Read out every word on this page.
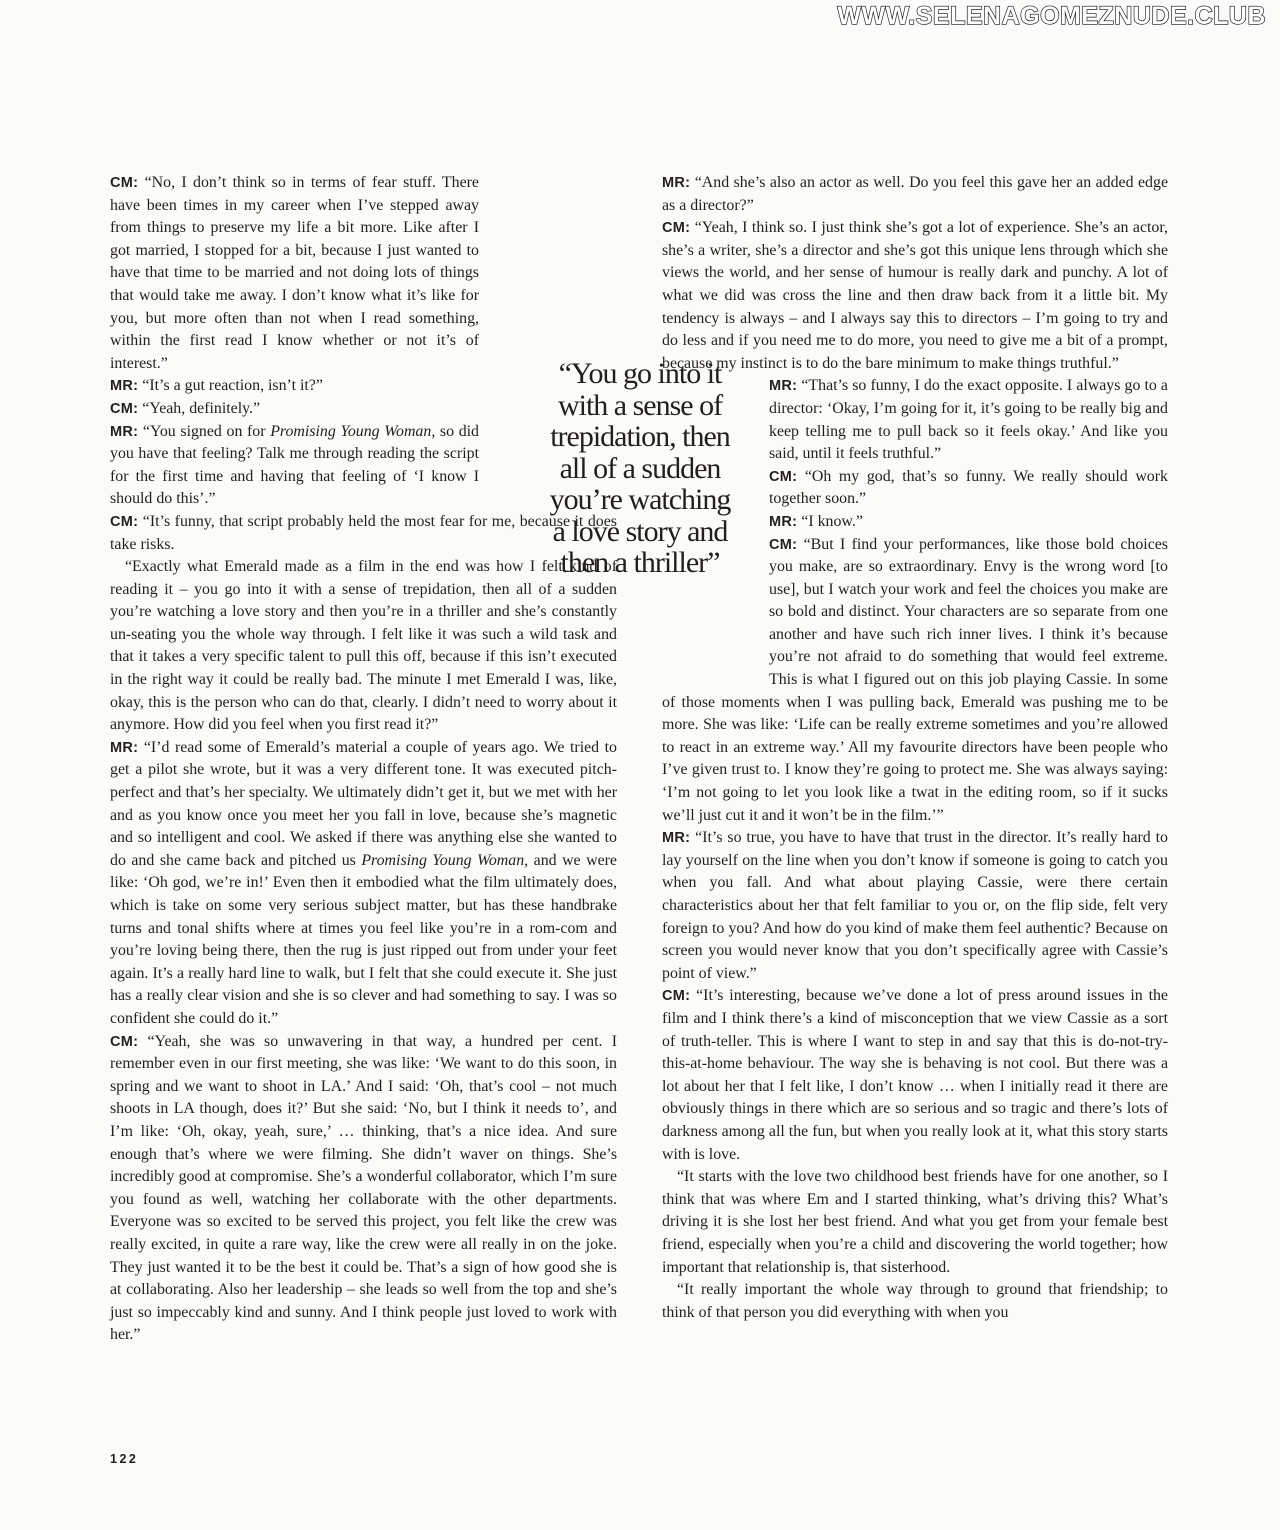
WWW.SELENAGOMEZNUDE.CLUB

CM: “No, I don’t think so in terms of fear stuff. There have been times in my career when I’ve stepped away from things to preserve my life a bit more. Like after I got married, I stopped for a bit, because I just wanted to have that time to be married and not doing lots of things that would take me away. I don’t know what it’s like for you, but more often than not when I read something, within the first read I know whether or not it’s of interest.”

MR: “It’s a gut reaction, isn’t it?”

CM: “Yeah, definitely.”

MR: “You signed on for Promising Young Woman, so did you have that feeling? Talk me through reading the script for the first time and having that feeling of ‘I know I should do this’.”

CM: “It’s funny, that script probably held the most fear for me, because it does take risks.

“Exactly what Emerald made as a film in the end was how I felt kind of reading it – you go into it with a sense of trepidation, then all of a sudden you’re watching a love story and then you’re in a thriller and she’s constantly un-seating you the whole way through. I felt like it was such a wild task and that it takes a very specific talent to pull this off, because if this isn’t executed in the right way it could be really bad. The minute I met Emerald I was, like, okay, this is the person who can do that, clearly. I didn’t need to worry about it anymore. How did you feel when you first read it?”

MR: “I’d read some of Emerald’s material a couple of years ago. We tried to get a pilot she wrote, but it was a very different tone. It was executed pitch-perfect and that’s her specialty. We ultimately didn’t get it, but we met with her and as you know once you meet her you fall in love, because she’s magnetic and so intelligent and cool. We asked if there was anything else she wanted to do and she came back and pitched us Promising Young Woman, and we were like: ‘Oh god, we’re in!’ Even then it embodied what the film ultimately does, which is take on some very serious subject matter, but has these handbrake turns and tonal shifts where at times you feel like you’re in a rom-com and you’re loving being there, then the rug is just ripped out from under your feet again. It’s a really hard line to walk, but I felt that she could execute it. She just has a really clear vision and she is so clever and had something to say. I was so confident she could do it.”

CM: “Yeah, she was so unwavering in that way, a hundred per cent. I remember even in our first meeting, she was like: ‘We want to do this soon, in spring and we want to shoot in LA.’ And I said: ‘Oh, that’s cool – not much shoots in LA though, does it?’ But she said: ‘No, but I think it needs to’, and I’m like: ‘Oh, okay, yeah, sure,’ … thinking, that’s a nice idea. And sure enough that’s where we were filming. She didn’t waver on things. She’s incredibly good at compromise. She’s a wonderful collaborator, which I’m sure you found as well, watching her collaborate with the other departments. Everyone was so excited to be served this project, you felt like the crew was really excited, in quite a rare way, like the crew were all really in on the joke. They just wanted it to be the best it could be. That’s a sign of how good she is at collaborating. Also her leadership – she leads so well from the top and she’s just so impeccably kind and sunny. And I think people just loved to work with her.”

“You go into it with a sense of trepidation, then all of a sudden you’re watching a love story and then a thriller”

MR: “And she’s also an actor as well. Do you feel this gave her an added edge as a director?”

CM: “Yeah, I think so. I just think she’s got a lot of experience. She’s an actor, she’s a writer, she’s a director and she’s got this unique lens through which she views the world, and her sense of humour is really dark and punchy. A lot of what we did was cross the line and then draw back from it a little bit. My tendency is always – and I always say this to directors – I’m going to try and do less and if you need me to do more, you need to give me a bit of a prompt, because my instinct is to do the bare minimum to make things truthful.”

MR: “That’s so funny, I do the exact opposite. I always go to a director: ‘Okay, I’m going for it, it’s going to be really big and keep telling me to pull back so it feels okay.’ And like you said, until it feels truthful.”

CM: “Oh my god, that’s so funny. We really should work together soon.”

MR: “I know.”

CM: “But I find your performances, like those bold choices you make, are so extraordinary. Envy is the wrong word [to use], but I watch your work and feel the choices you make are so bold and distinct. Your characters are so separate from one another and have such rich inner lives. I think it’s because you’re not afraid to do something that would feel extreme. This is what I figured out on this job playing Cassie. In some of those moments when I was pulling back, Emerald was pushing me to be more. She was like: ‘Life can be really extreme sometimes and you’re allowed to react in an extreme way.’ All my favourite directors have been people who I’ve given trust to. I know they’re going to protect me. She was always saying: ‘I’m not going to let you look like a twat in the editing room, so if it sucks we’ll just cut it and it won’t be in the film.’”

MR: “It’s so true, you have to have that trust in the director. It’s really hard to lay yourself on the line when you don’t know if someone is going to catch you when you fall. And what about playing Cassie, were there certain characteristics about her that felt familiar to you or, on the flip side, felt very foreign to you? And how do you kind of make them feel authentic? Because on screen you would never know that you don’t specifically agree with Cassie’s point of view.”

CM: “It’s interesting, because we’ve done a lot of press around issues in the film and I think there’s a kind of misconception that we view Cassie as a sort of truth-teller. This is where I want to step in and say that this is do-not-try-this-at-home behaviour. The way she is behaving is not cool. But there was a lot about her that I felt like, I don’t know … when I initially read it there are obviously things in there which are so serious and so tragic and there’s lots of darkness among all the fun, but when you really look at it, what this story starts with is love.

“It starts with the love two childhood best friends have for one another, so I think that was where Em and I started thinking, what’s driving this? What’s driving it is she lost her best friend. And what you get from your female best friend, especially when you’re a child and discovering the world together; how important that relationship is, that sisterhood.

“It really important the whole way through to ground that friendship; to think of that person you did everything with when you

122
